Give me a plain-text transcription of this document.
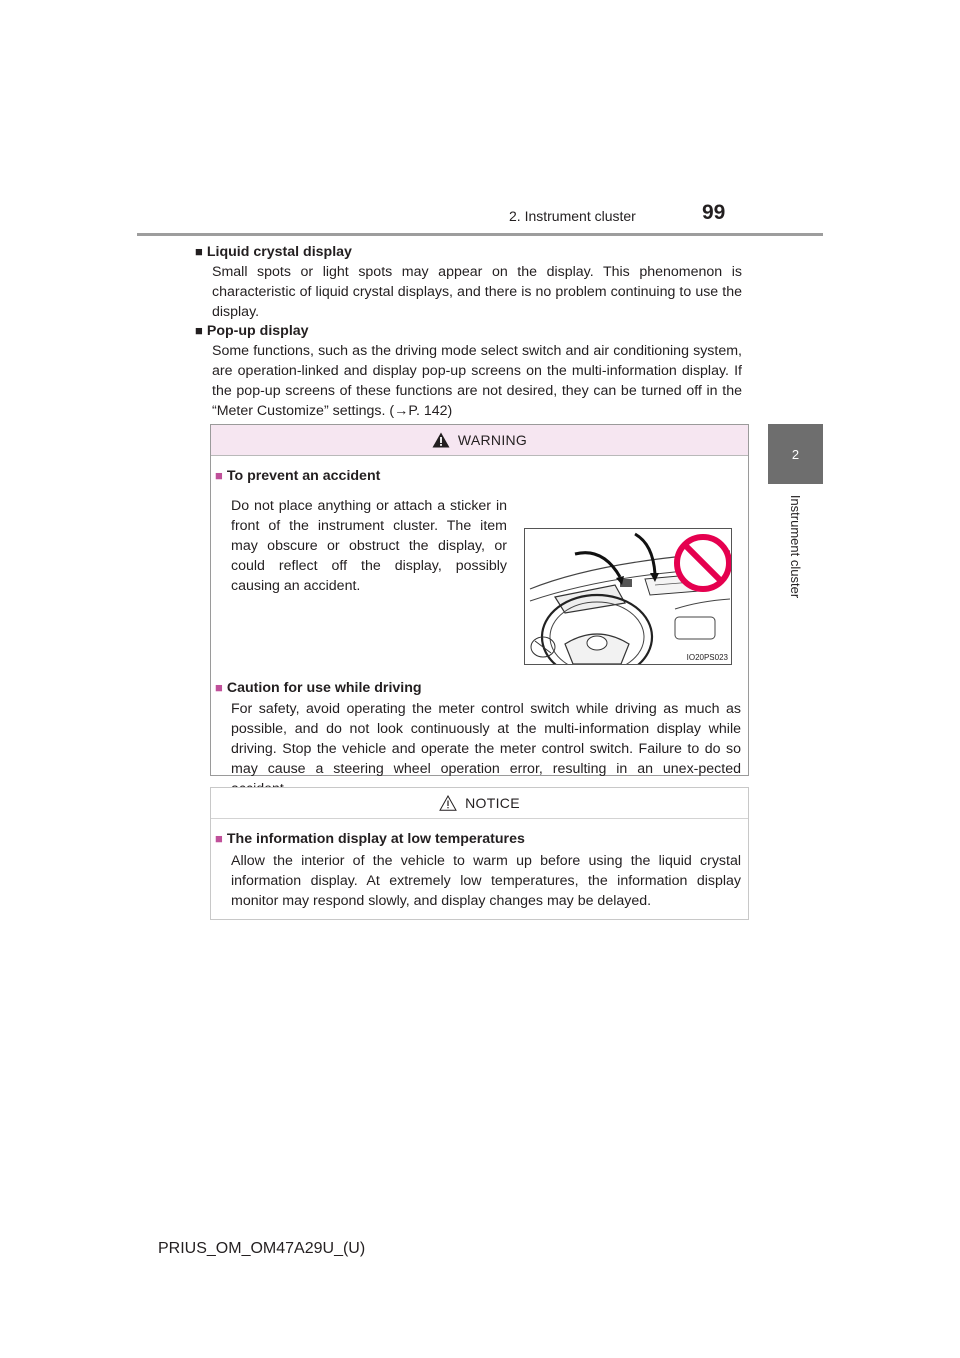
2. Instrument cluster	99
2
Instrument cluster
■ Liquid crystal display
Small spots or light spots may appear on the display. This phenomenon is characteristic of liquid crystal displays, and there is no problem continuing to use the display.
■ Pop-up display
Some functions, such as the driving mode select switch and air conditioning system, are operation-linked and display pop-up screens on the multi-information display. If the pop-up screens of these functions are not desired, they can be turned off in the “Meter Customize” settings. (→P. 142)
WARNING
■ To prevent an accident
Do not place anything or attach a sticker in front of the instrument cluster. The item may obscure or obstruct the display, or could reflect off the display, possibly causing an accident.
IO20PS023
■ Caution for use while driving
For safety, avoid operating the meter control switch while driving as much as possible, and do not look continuously at the multi-information display while driving. Stop the vehicle and operate the meter control switch. Failure to do so may cause a steering wheel operation error, resulting in an unex-pected
NOTICE
■ The information display at low temperatures
Allow the interior of the vehicle to warm up before using the liquid crystal information display. At extremely low temperatures, the information display monitor may respond slowly, and display changes may be delayed.
PRIUS_OM_OM47A29U_(U)
